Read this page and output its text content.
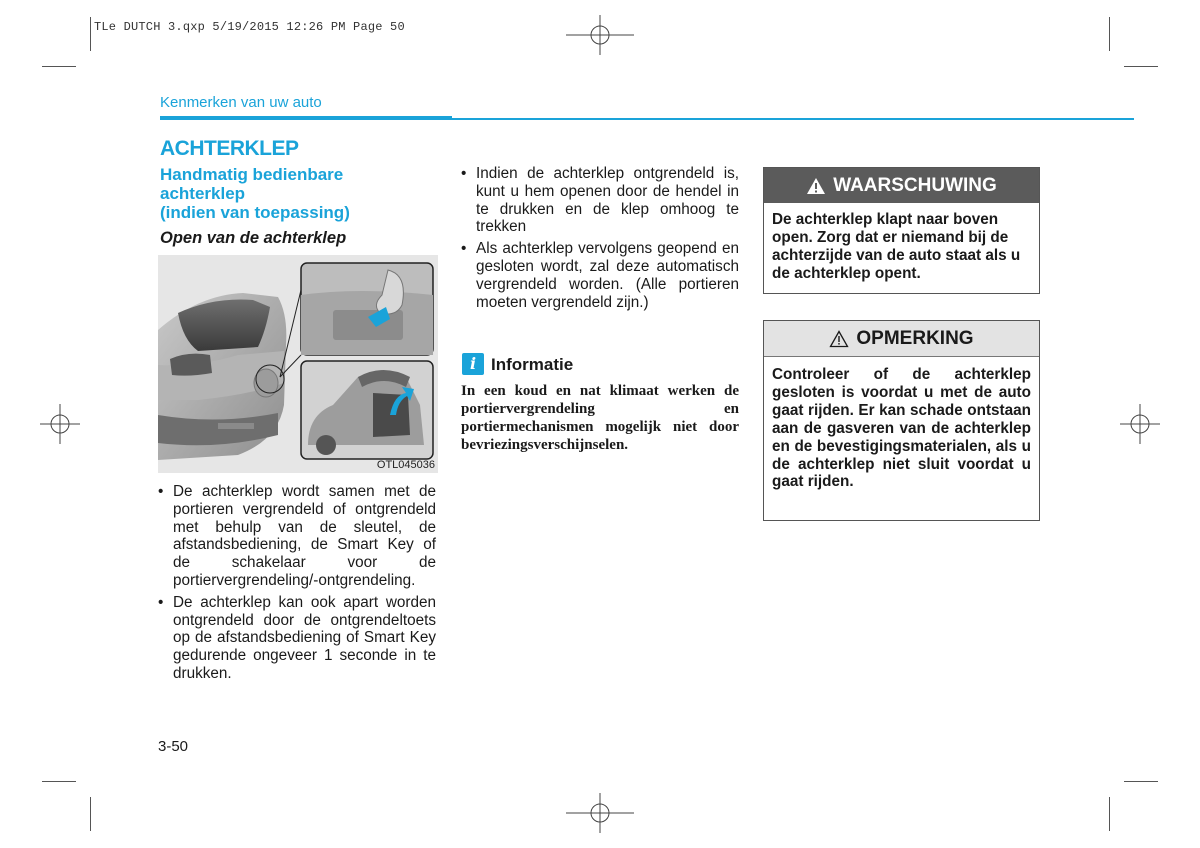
TLe DUTCH 3.qxp 5/19/2015 12:26 PM Page 50
Kenmerken van uw auto
ACHTERKLEP
Handmatig bedienbare
achterklep
(indien van toepassing)
Open van de achterklep
OTL045036
• De achterklep wordt samen met de portieren vergrendeld of ontgrendeld met behulp van de sleutel, de afstandsbediening, de Smart Key of de schakelaar voor de portiervergrendeling/-ontgrendeling.
• De achterklep kan ook apart worden ontgrendeld door de ontgrendeltoets op de afstandsbediening of Smart Key gedurende ongeveer 1 seconde in te drukken.
• Indien de achterklep ontgrendeld is, kunt u hem openen door de hendel in te drukken en de klep omhoog te trekken
• Als achterklep vervolgens geopend en gesloten wordt, zal deze automatisch vergrendeld worden. (Alle portieren moeten vergrendeld zijn.)
i Informatie
In een koud en nat klimaat werken de portiervergrendeling en portiermechanismen mogelijk niet door bevriezingsverschijnselen.
WAARSCHUWING
De achterklep klapt naar boven open. Zorg dat er niemand bij de achterzijde van de auto staat als u de achterklep opent.
OPMERKING
Controleer of de achterklep gesloten is voordat u met de auto gaat rijden. Er kan schade ontstaan aan de gasveren van de achterklep en de bevestigingsmaterialen, als u de achterklep niet sluit voordat u gaat rijden.
3-50
